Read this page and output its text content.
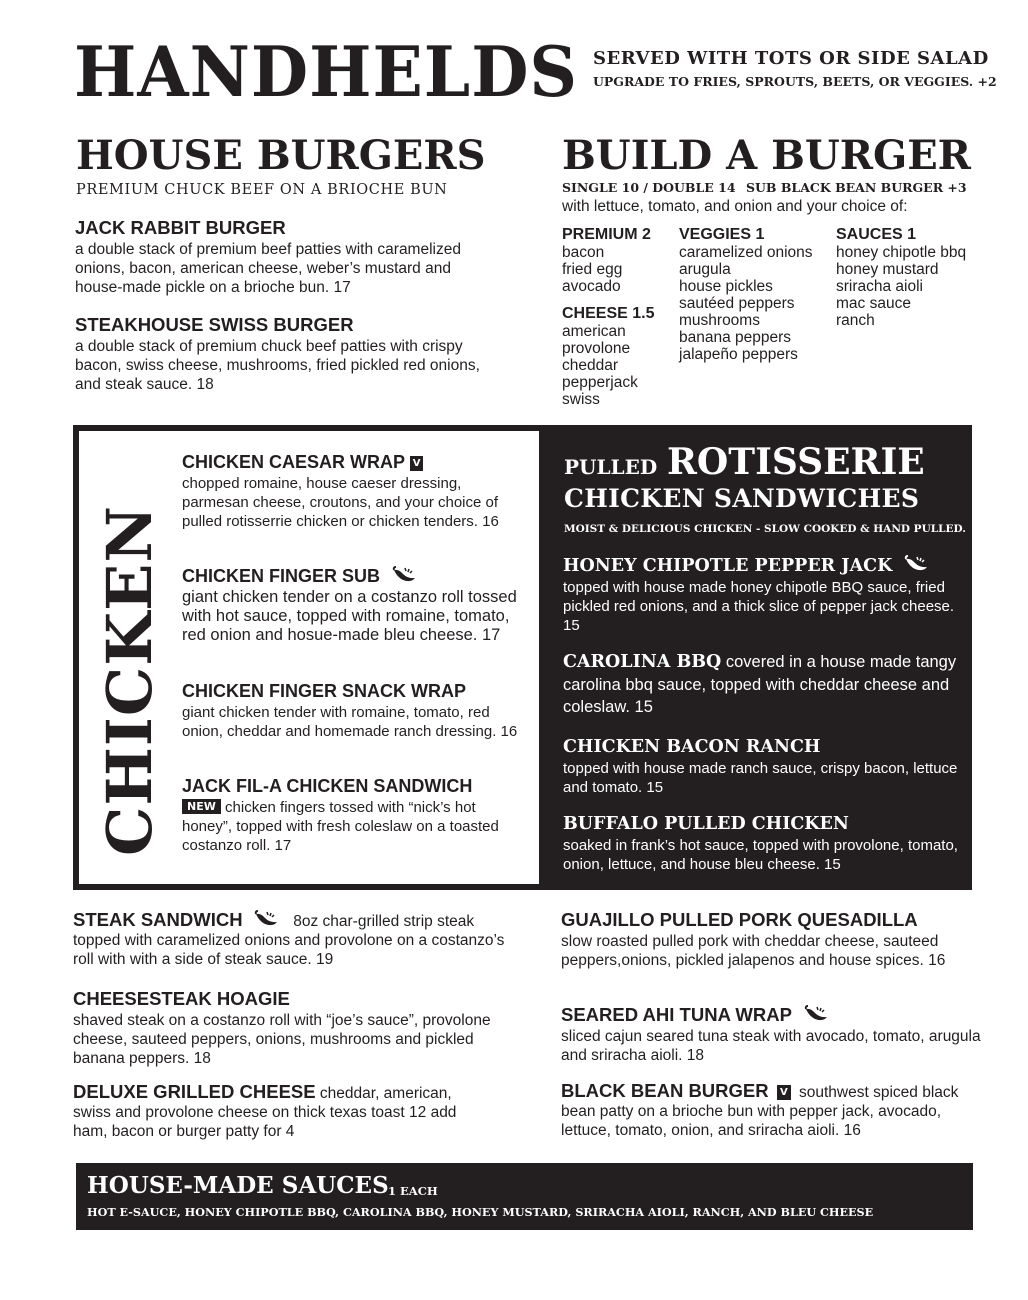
HANDHELDS SERVED WITH TOTS OR SIDE SALAD
UPGRADE TO FRIES, SPROUTS, BEETS, OR VEGGIES. +2
HOUSE BURGERS
PREMIUM CHUCK BEEF ON A BRIOCHE BUN
JACK RABBIT BURGER
a double stack of premium beef patties with caramelized onions, bacon, american cheese, weber’s mustard and house-made pickle on a brioche bun. 17
STEAKHOUSE SWISS BURGER
a double stack of premium chuck beef patties with crispy bacon, swiss cheese, mushrooms, fried pickled red onions, and steak sauce. 18
BUILD A BURGER
SINGLE 10 / DOUBLE 14 SUB BLACK BEAN BURGER +3
with lettuce, tomato, and onion and your choice of:
PREMIUM 2
bacon
fried egg
avocado
CHEESE 1.5
american
provolone
cheddar
pepperjack
swiss
VEGGIES 1
caramelized onions
arugula
house pickles
sautéed peppers
mushrooms
banana peppers
jalapeño peppers
SAUCES 1
honey chipotle bbq
honey mustard
sriracha aioli
mac sauce
ranch
CHICKEN
CHICKEN CAESAR WRAP V
chopped romaine, house caeser dressing, parmesan cheese, croutons, and your choice of pulled rotisserrie chicken or chicken tenders. 16
CHICKEN FINGER SUB
giant chicken tender on a costanzo roll tossed with hot sauce, topped with romaine, tomato, red onion and hosue-made bleu cheese. 17
CHICKEN FINGER SNACK WRAP
giant chicken tender with romaine, tomato, red onion, cheddar and homemade ranch dressing. 16
JACK FIL-A CHICKEN SANDWICH
NEW chicken fingers tossed with “nick’s hot honey”, topped with fresh coleslaw on a toasted costanzo roll. 17
PULLED ROTISSERIE
CHICKEN SANDWICHES
MOIST & DELICIOUS CHICKEN - SLOW COOKED & HAND PULLED.
HONEY CHIPOTLE PEPPER JACK
topped with house made honey chipotle BBQ sauce, fried pickled red onions, and a thick slice of pepper jack cheese. 15
CAROLINA BBQ covered in a house made tangy carolina bbq sauce, topped with cheddar cheese and coleslaw. 15
CHICKEN BACON RANCH
topped with house made ranch sauce, crispy bacon, lettuce and tomato. 15
BUFFALO PULLED CHICKEN
soaked in frank’s hot sauce, topped with provolone, tomato, onion, lettuce, and house bleu cheese. 15
STEAK SANDWICH	8oz char-grilled strip steak topped with caramelized onions and provolone on a costanzo’s roll with with a side of steak sauce. 19
CHEESESTEAK HOAGIE
shaved steak on a costanzo roll with “joe’s sauce”, provolone cheese, sauteed peppers, onions, mushrooms and pickled banana peppers. 18
DELUXE GRILLED CHEESE cheddar, american, swiss and provolone cheese on thick texas toast 12 add ham, bacon or burger patty for 4
GUAJILLO PULLED PORK QUESADILLA
slow roasted pulled pork with cheddar cheese, sauteed peppers,onions, pickled jalapenos and house spices. 16
SEARED AHI TUNA WRAP
sliced cajun seared tuna steak with avocado, tomato, arugula and sriracha aioli. 18
BLACK BEAN BURGER V southwest spiced black bean patty on a brioche bun with pepper jack, avocado, lettuce, tomato, onion, and sriracha aioli. 16
HOUSE-MADE SAUCES 1 EACH
HOT E-SAUCE, HONEY CHIPOTLE BBQ, CAROLINA BBQ, HONEY MUSTARD, SRIRACHA AIOLI, RANCH, AND BLEU CHEESE
